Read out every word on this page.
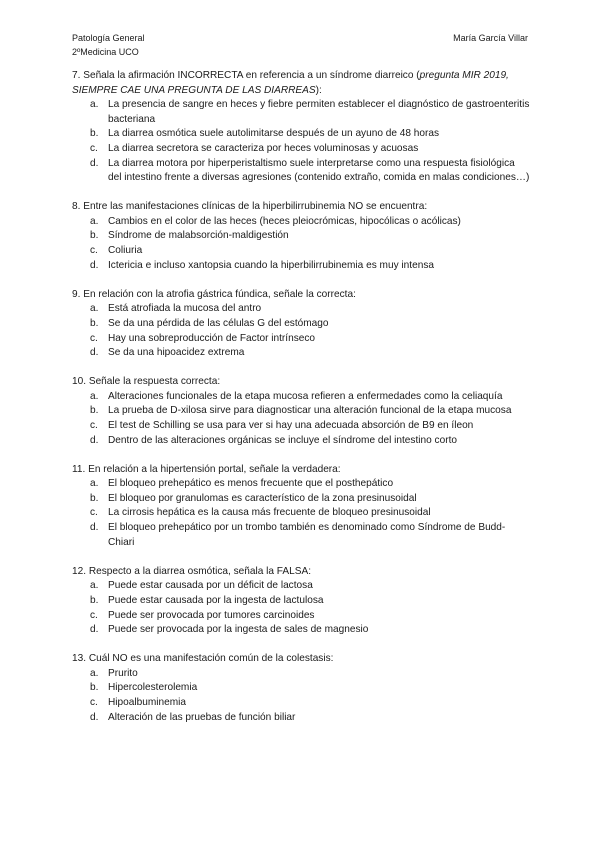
Patología General
2ºMedicina UCO
María García Villar

7. Señala la afirmación INCORRECTA en referencia a un síndrome diarreico (pregunta MIR 2019, SIEMPRE CAE UNA PREGUNTA DE LAS DIARREAS):

a. La presencia de sangre en heces y fiebre permiten establecer el diagnóstico de gastroenteritis bacteriana
b. La diarrea osmótica suele autolimitarse después de un ayuno de 48 horas
c. La diarrea secretora se caracteriza por heces voluminosas y acuosas
d. La diarrea motora por hiperperistaltismo suele interpretarse como una respuesta fisiológica del intestino frente a diversas agresiones (contenido extraño, comida en malas condiciones…)

8. Entre las manifestaciones clínicas de la hiperbilirrubinemia NO se encuentra:

a. Cambios en el color de las heces (heces pleiocrómicas, hipocólicas o acólicas)
b. Síndrome de malabsorción-maldigestión
c. Coliuria
d. Ictericia e incluso xantopsia cuando la hiperbilirrubinemia es muy intensa

9. En relación con la atrofia gástrica fúndica, señale la correcta:

a. Está atrofiada la mucosa del antro
b. Se da una pérdida de las células G del estómago
c. Hay una sobreproducción de Factor intrínseco
d. Se da una hipoacidez extrema

10. Señale la respuesta correcta:

a. Alteraciones funcionales de la etapa mucosa refieren a enfermedades como la celiaquía
b. La prueba de D-xilosa sirve para diagnosticar una alteración funcional de la etapa mucosa
c. El test de Schilling se usa para ver si hay una adecuada absorción de B9 en íleon
d. Dentro de las alteraciones orgánicas se incluye el síndrome del intestino corto

11. En relación a la hipertensión portal, señale la verdadera:

a. El bloqueo prehepático es menos frecuente que el posthepático
b. El bloqueo por granulomas es característico de la zona presinusoidal
c. La cirrosis hepática es la causa más frecuente de bloqueo presinusoidal
d. El bloqueo prehepático por un trombo también es denominado como Síndrome de Budd-Chiari

12. Respecto a la diarrea osmótica, señala la FALSA:

a. Puede estar causada por un déficit de lactosa
b. Puede estar causada por la ingesta de lactulosa
c. Puede ser provocada por tumores carcinoides
d. Puede ser provocada por la ingesta de sales de magnesio

13. Cuál NO es una manifestación común de la colestasis:

a. Prurito
b. Hipercolesterolemia
c. Hipoalbuminemia
d. Alteración de las pruebas de función biliar
